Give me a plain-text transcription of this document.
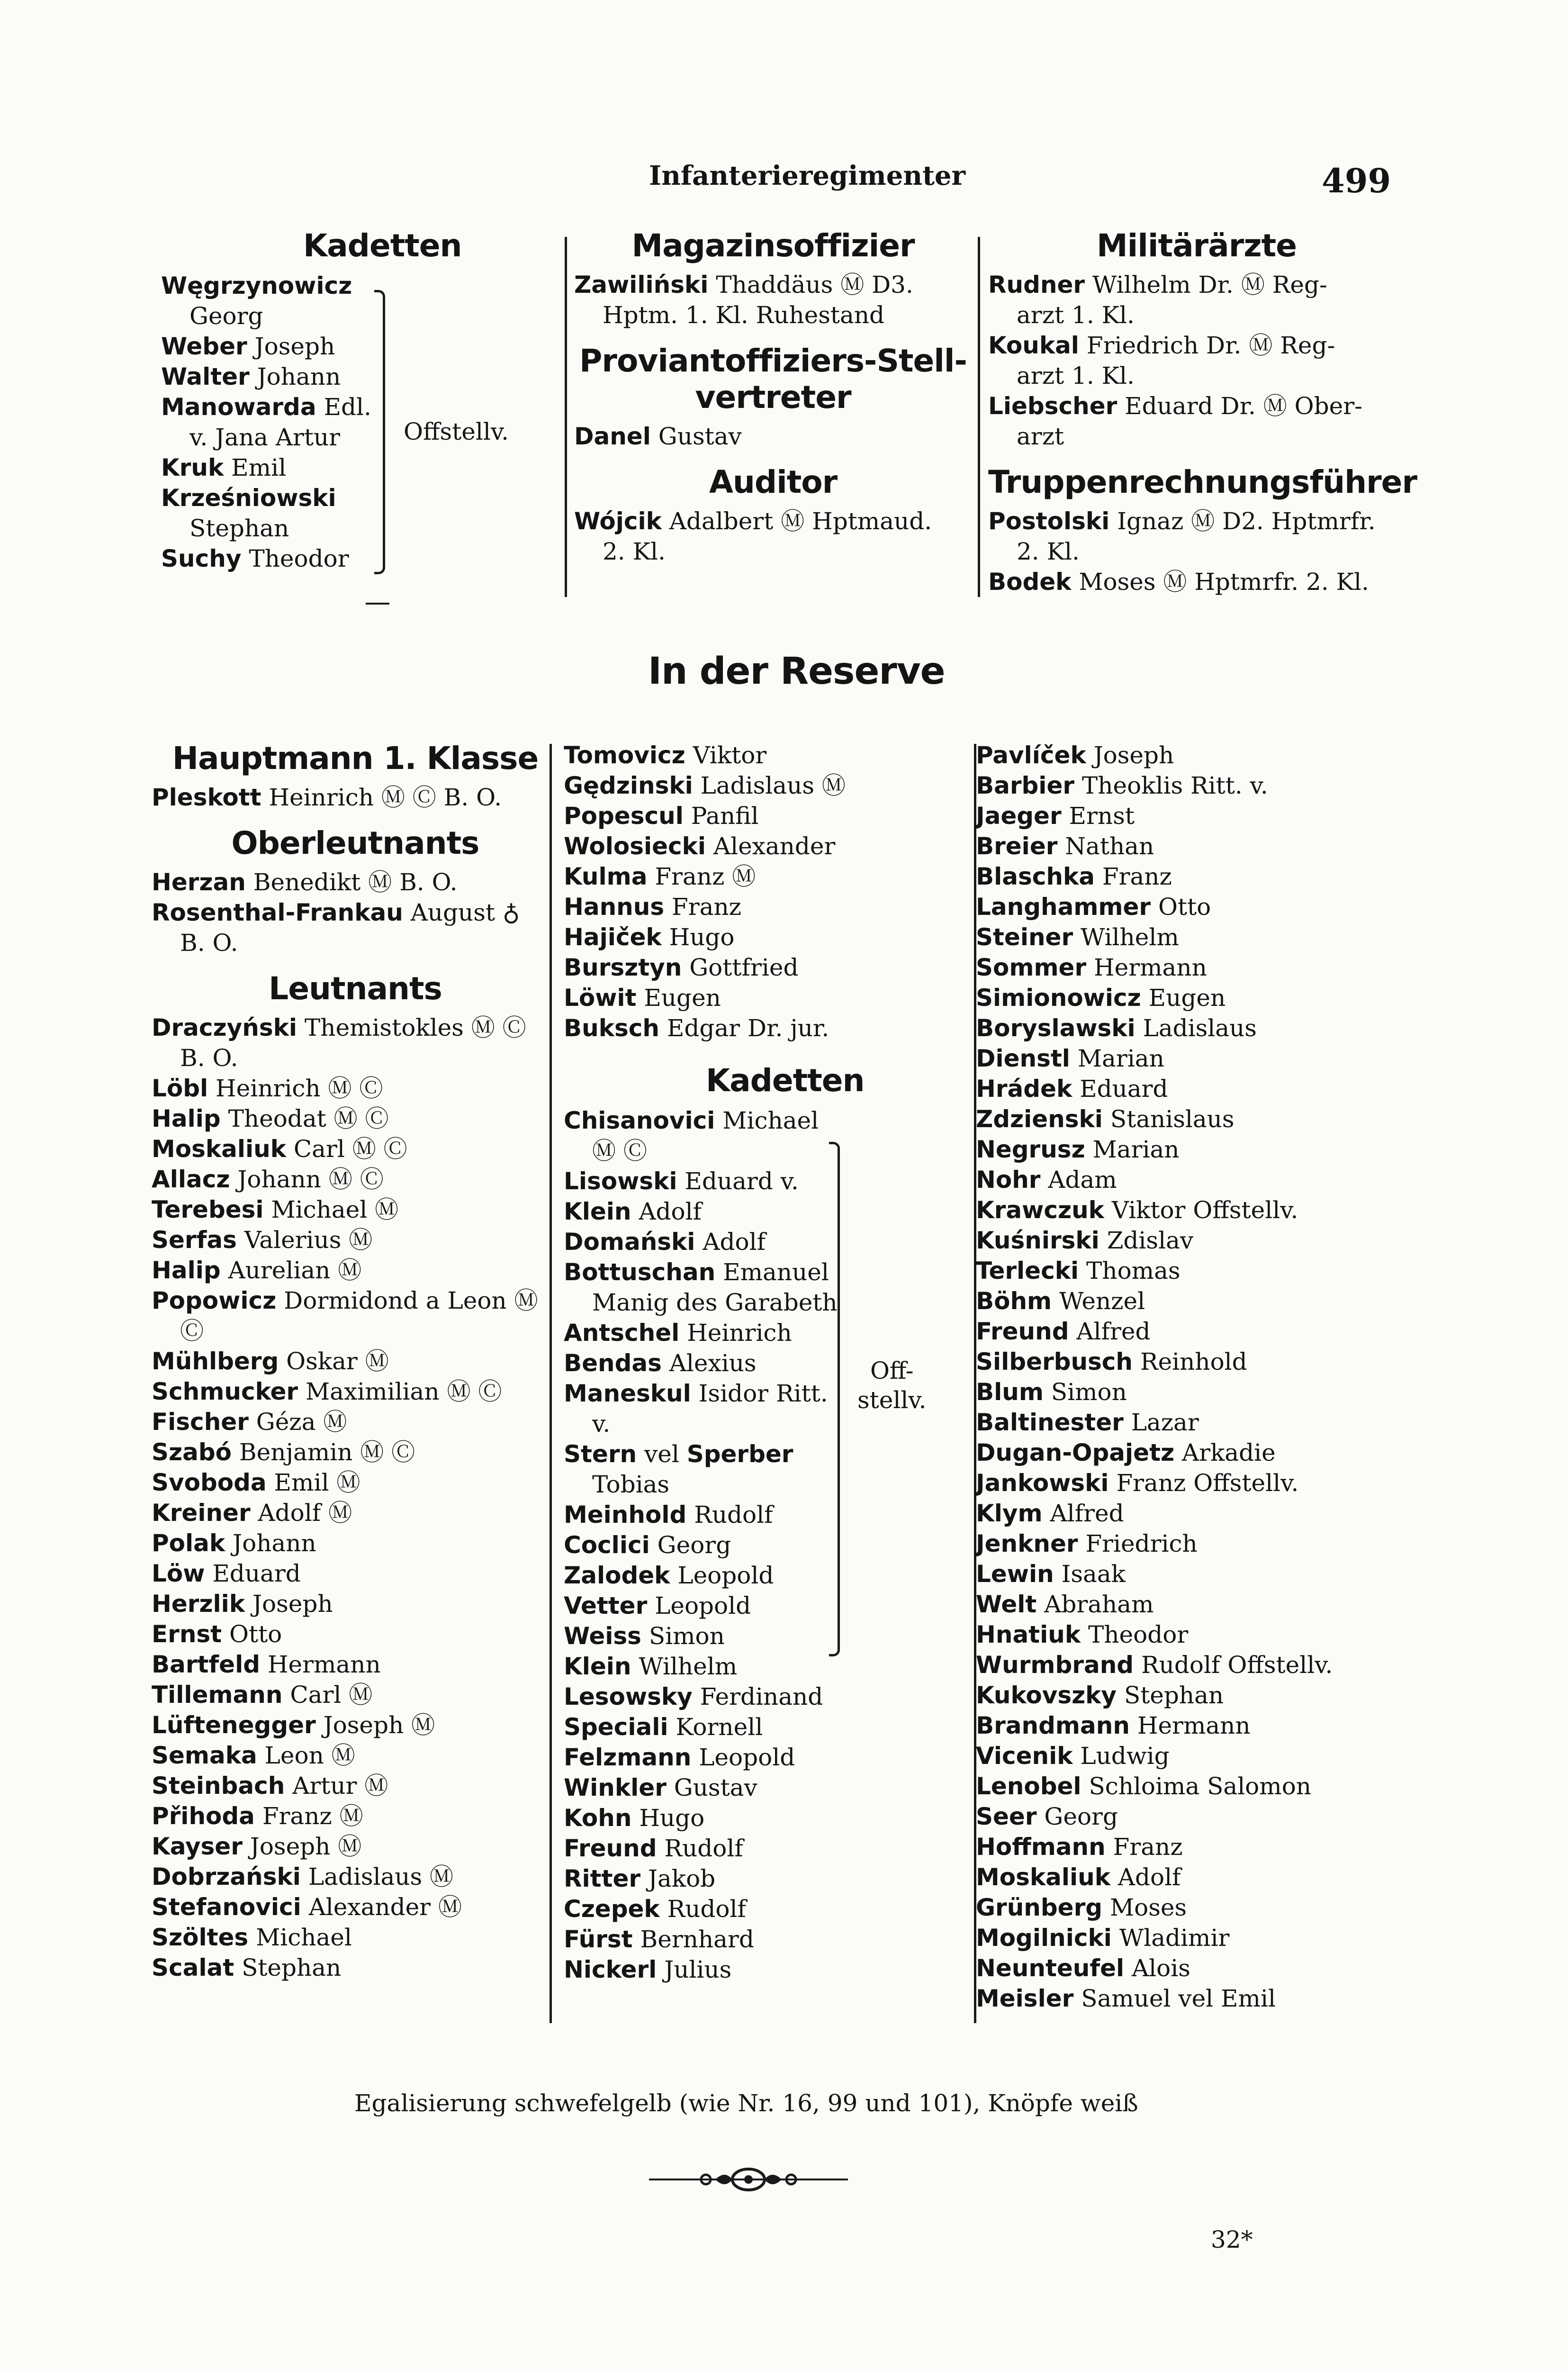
Infanterieregimenter	499
Kadetten
Węgrzynowicz
Georg
Weber Joseph
Walter Johann
Manowarda Edl.
v. Jana Artur
Kruk Emil
Krześniowski
Stephan
Suchy Theodor
Offstellv.
Magazinsoffizier
Zawiliński Thaddäus Ⓜ D3.
Hptm. 1. Kl. Ruhestand
Proviantoffiziers-Stell-vertreter
Danel Gustav
Auditor
Wójcik Adalbert Ⓜ Hptmaud.
2. Kl.
Militärärzte
Rudner Wilhelm Dr. Ⓜ Reg-
arzt 1. Kl.
Koukal Friedrich Dr. Ⓜ Reg-
arzt 1. Kl.
Liebscher Eduard Dr. Ⓜ Ober-
arzt
Truppenrechnungsführer
Postolski Ignaz Ⓜ D2. Hptmrfr.
2. Kl.
Bodek Moses Ⓜ Hptmrfr. 2. Kl.
In der Reserve
Hauptmann 1. Klasse
Pleskott Heinrich Ⓜ Ⓒ B. O.
Oberleutnants
Herzan Benedikt Ⓜ B. O.
Rosenthal-Frankau August ♁
B. O.
Leutnants
Draczyński Themistokles Ⓜ Ⓒ
B. O.
Löbl Heinrich Ⓜ Ⓒ
Halip Theodat Ⓜ Ⓒ
Moskaliuk Carl Ⓜ Ⓒ
Allacz Johann Ⓜ Ⓒ
Terebesi Michael Ⓜ
Serfas Valerius Ⓜ
Halip Aurelian Ⓜ
Popowicz Dormidond a Leon Ⓜ
Ⓒ
Mühlberg Oskar Ⓜ
Schmucker Maximilian Ⓜ Ⓒ
Fischer Géza Ⓜ
Szabó Benjamin Ⓜ Ⓒ
Svoboda Emil Ⓜ
Kreiner Adolf Ⓜ
Polak Johann
Löw Eduard
Herzlik Joseph
Ernst Otto
Bartfeld Hermann
Tillemann Carl Ⓜ
Lüftenegger Joseph Ⓜ
Semaka Leon Ⓜ
Steinbach Artur Ⓜ
Přihoda Franz Ⓜ
Kayser Joseph Ⓜ
Dobrzański Ladislaus Ⓜ
Stefanovici Alexander Ⓜ
Szöltes Michael
Scalat Stephan
Tomovicz Viktor
Gędzinski Ladislaus Ⓜ
Popescul Panfil
Wolosiecki Alexander
Kulma Franz Ⓜ
Hannus Franz
Hajiček Hugo
Bursztyn Gottfried
Löwit Eugen
Buksch Edgar Dr. jur.
Kadetten
Chisanovici Michael
Ⓜ Ⓒ
Lisowski Eduard v.
Klein Adolf
Domański Adolf
Bottuschan Emanuel
Manig des Garabeth
Antschel Heinrich
Bendas Alexius
Maneskul Isidor Ritt.
v.
Stern vel Sperber
Tobias
Meinhold Rudolf
Coclici Georg
Zalodek Leopold
Vetter Leopold
Weiss Simon
Klein Wilhelm
Lesowsky Ferdinand
Speciali Kornell
Felzmann Leopold
Winkler Gustav
Kohn Hugo
Freund Rudolf
Ritter Jakob
Czepek Rudolf
Fürst Bernhard
Nickerl Julius
Off-
stellv.
Pavlíček Joseph
Barbier Theoklis Ritt. v.
Jaeger Ernst
Breier Nathan
Blaschka Franz
Langhammer Otto
Steiner Wilhelm
Sommer Hermann
Simionowicz Eugen
Boryslawski Ladislaus
Dienstl Marian
Hrádek Eduard
Zdzienski Stanislaus
Negrusz Marian
Nohr Adam
Krawczuk Viktor Offstellv.
Kuśnirski Zdislav
Terlecki Thomas
Böhm Wenzel
Freund Alfred
Silberbusch Reinhold
Blum Simon
Baltinester Lazar
Dugan-Opajetz Arkadie
Jankowski Franz Offstellv.
Klym Alfred
Jenkner Friedrich
Lewin Isaak
Welt Abraham
Hnatiuk Theodor
Wurmbrand Rudolf Offstellv.
Kukovszky Stephan
Brandmann Hermann
Vicenik Ludwig
Lenobel Schloima Salomon
Seer Georg
Hoffmann Franz
Moskaliuk Adolf
Grünberg Moses
Mogilnicki Wladimir
Neunteufel Alois
Meisler Samuel vel Emil
Egalisierung schwefelgelb (wie Nr. 16, 99 und 101), Knöpfe weiß
32*
